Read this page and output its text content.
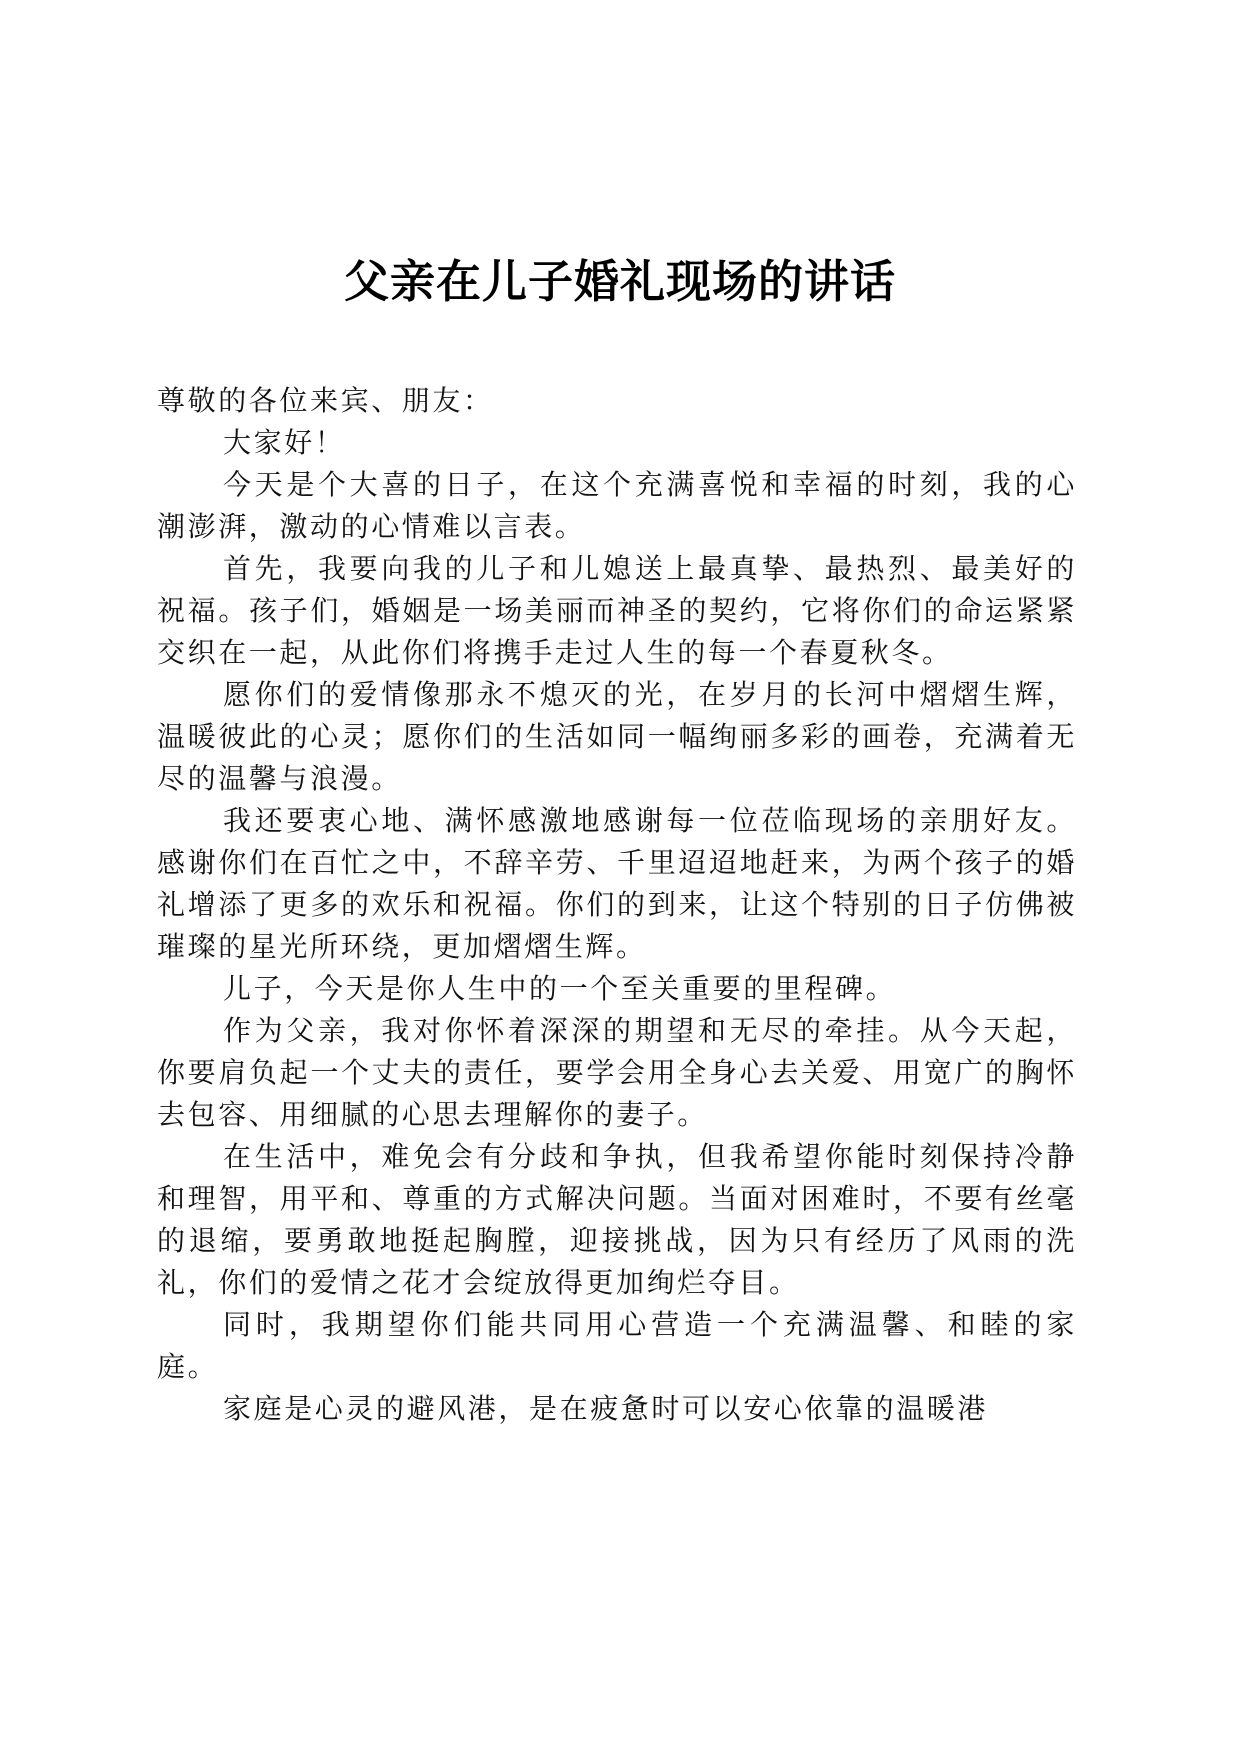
父亲在儿子婚礼现场的讲话

尊敬的各位来宾、朋友：

大家好！

今天是个大喜的日子，在这个充满喜悦和幸福的时刻，我的心潮澎湃，激动的心情难以言表。

首先，我要向我的儿子和儿媳送上最真挚、最热烈、最美好的祝福。孩子们，婚姻是一场美丽而神圣的契约，它将你们的命运紧紧交织在一起，从此你们将携手走过人生的每一个春夏秋冬。

愿你们的爱情像那永不熄灭的光，在岁月的长河中熠熠生辉，温暖彼此的心灵；愿你们的生活如同一幅绚丽多彩的画卷，充满着无尽的温馨与浪漫。

我还要衷心地、满怀感激地感谢每一位莅临现场的亲朋好友。感谢你们在百忙之中，不辞辛劳、千里迢迢地赶来，为两个孩子的婚礼增添了更多的欢乐和祝福。你们的到来，让这个特别的日子仿佛被璀璨的星光所环绕，更加熠熠生辉。

儿子，今天是你人生中的一个至关重要的里程碑。

作为父亲，我对你怀着深深的期望和无尽的牵挂。从今天起，你要肩负起一个丈夫的责任，要学会用全身心去关爱、用宽广的胸怀去包容、用细腻的心思去理解你的妻子。

在生活中，难免会有分歧和争执，但我希望你能时刻保持冷静和理智，用平和、尊重的方式解决问题。当面对困难时，不要有丝毫的退缩，要勇敢地挺起胸膛，迎接挑战，因为只有经历了风雨的洗礼，你们的爱情之花才会绽放得更加绚烂夺目。

同时，我期望你们能共同用心营造一个充满温馨、和睦的家庭。

家庭是心灵的避风港，是在疲惫时可以安心依靠的温暖港
